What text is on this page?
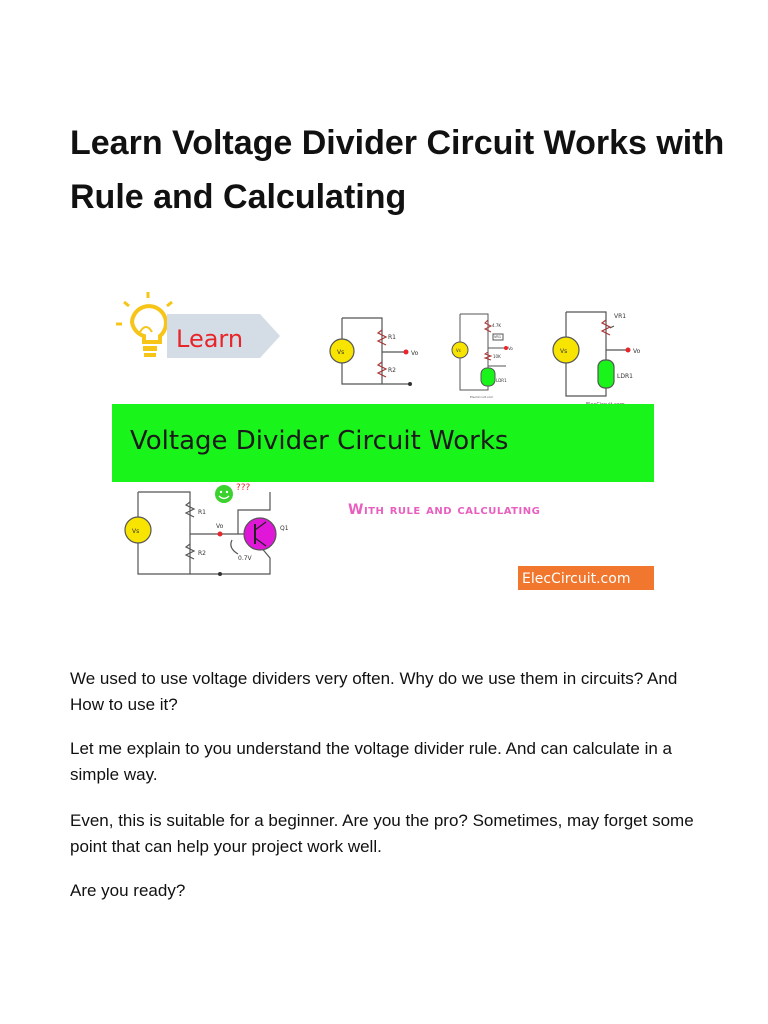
Learn Voltage Divider Circuit Works with Rule and Calculating
Learn	Vs
R1
R2
Vo	Vs
4.7K
VR1
10K
LDR1
Vo
ElecCircuit.com
Vs
VR1
LDR1
Vo
Voltage Divider Circuit Works
Vs
R1
R2
Vo	Q1
0.7V
???
With rule and calculating
ElecCircuit.com

We used to use voltage dividers very often. Why do we use them in circuits? And How to use it?

Let me explain to you understand the voltage divider rule. And can calculate in a simple way.

Even, this is suitable for a beginner. Are you the pro? Sometimes, may forget some point that can help your project work well.

Are you ready?
